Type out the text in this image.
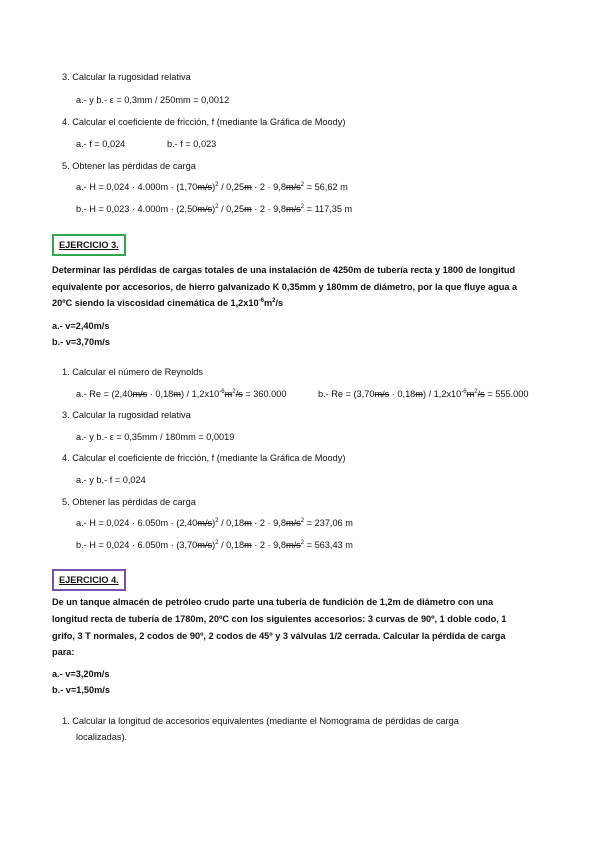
3. Calcular la rugosidad relativa
a.- y b.- ε = 0,3mm / 250mm = 0,0012
4. Calcular el coeficiente de fricción, f (mediante la Gráfica de Moody)
a.- f = 0,024	b.- f = 0,023
5. Obtener las pérdidas de carga
a.- $H = 0,024 \cdot 4.000m \cdot (1,70m/s)^2 / 0,25m \cdot 2 \cdot 9,8m/s^2 = 56,62$ m
b.- $H = 0,023 \cdot 4.000m \cdot (2,50m/s)^2 / 0,25m \cdot 2 \cdot 9,8m/s^2 = 117,35$ m
EJERCICIO 3.
Determinar las pérdidas de cargas totales de una instalación de 4250m de tubería recta y 1800 de longitud
equivalente por accesorios, de hierro galvanizado K 0,35mm y 180mm de diámetro, por la que fluye agua a
20ºC siendo la viscosidad cinemática de $1,2x10^{-6}m^2/s$
a.- v=2,40m/s
b.- v=3,70m/s
1. Calcular el número de Reynolds
a.- $Re = (2,40m/s \cdot 0,18m) / 1,2x10^{-6}m^2/s = 360.000$	b.- $Re = (3,70m/s \cdot 0,18m) / 1,2x10^{-6}m^2/s = 555.000$
3. Calcular la rugosidad relativa
a.- y b.- ε = 0,35mm / 180mm = 0,0019
4. Calcular el coeficiente de fricción, f (mediante la Gráfica de Moody)
a.- y b.- f = 0,024
5. Obtener las pérdidas de carga
a.- $H = 0,024 \cdot 6.050m \cdot (2,40m/s)^2 / 0,18m \cdot 2 \cdot 9,8m/s^2 = 237,06$ m
b.- $H = 0,024 \cdot 6.050m \cdot (3,70m/s)^2 / 0,18m \cdot 2 \cdot 9,8m/s^2 = 563,43$ m
EJERCICIO 4.
De un tanque almacén de petróleo crudo parte una tubería de fundición de 1,2m de diámetro con una
longitud recta de tubería de 1780m, 20ºC con los siguientes accesorios: 3 curvas de 90º, 1 doble codo, 1
grifo, 3 T normales, 2 codos de 90º, 2 codos de 45º y 3 válvulas 1/2 cerrada. Calcular la pérdida de carga
para:
a.- v=3,20m/s
b.- v=1,50m/s
1. Calcular la longitud de accesorios equivalentes (mediante el Nomograma de pérdidas de carga
localizadas).
